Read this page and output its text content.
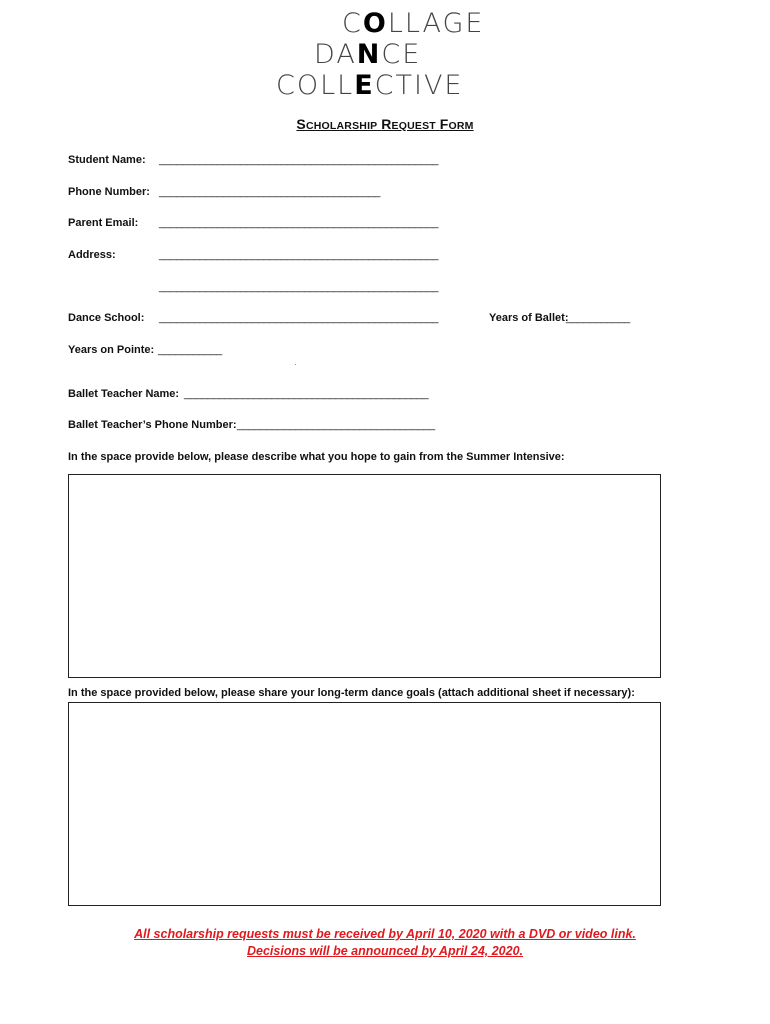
COLLAGE
DANCE
COLLECTIVE
SCHOLARSHIP REQUEST FORM
Student Name: ________________________________________________
Phone Number: ______________________________________
Parent Email: ________________________________________________
Address:	________________________________________________
________________________________________________
Dance School: ________________________________________________	Years of Ballet:
___________
Years on Pointe: ___________
Ballet Teacher Name: __________________________________________
Ballet Teacher’s Phone Number: __________________________________
In the space provide below, please describe what you hope to gain from the Summer Intensive:
In the space provided below, please share your long-term dance goals (attach additional sheet if necessary):
All scholarship requests must be received by April 10, 2020 with a DVD or video link.
Decisions will be announced by April 24, 2020.
